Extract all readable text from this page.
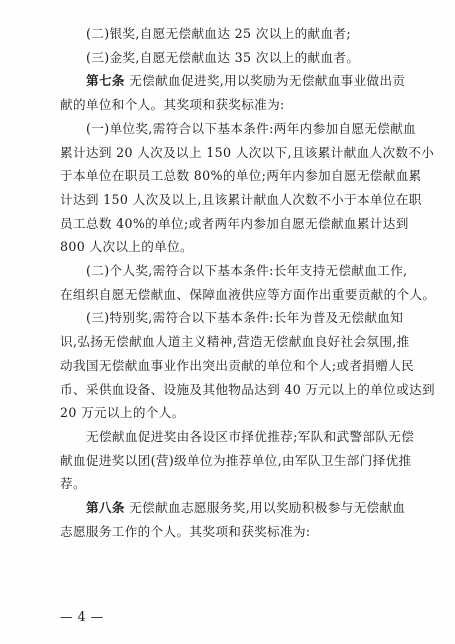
(二)银奖,自愿无偿献血达 25 次以上的献血者;

(三)金奖,自愿无偿献血达 35 次以上的献血者。

第七条 无偿献血促进奖,用以奖励为无偿献血事业做出贡
献的单位和个人。其奖项和获奖标准为:

(一)单位奖,需符合以下基本条件:两年内参加自愿无偿献血
累计达到 20 人次及以上 150 人次以下,且该累计献血人次数不小
于本单位在职员工总数 80%的单位;两年内参加自愿无偿献血累
计达到 150 人次及以上,且该累计献血人次数不小于本单位在职
员工总数 40%的单位;或者两年内参加自愿无偿献血累计达到
800 人次以上的单位。

(二)个人奖,需符合以下基本条件:长年支持无偿献血工作,
在组织自愿无偿献血、保障血液供应等方面作出重要贡献的个人。

(三)特别奖,需符合以下基本条件:长年为普及无偿献血知
识,弘扬无偿献血人道主义精神,营造无偿献血良好社会氛围,推
动我国无偿献血事业作出突出贡献的单位和个人;或者捐赠人民
币、采供血设备、设施及其他物品达到 40 万元以上的单位或达到
20 万元以上的个人。

无偿献血促进奖由各设区市择优推荐;军队和武警部队无偿
献血促进奖以团(营)级单位为推荐单位,由军队卫生部门择优推
荐。

第八条 无偿献血志愿服务奖,用以奖励积极参与无偿献血
志愿服务工作的个人。其奖项和获奖标准为:

— 4 —
